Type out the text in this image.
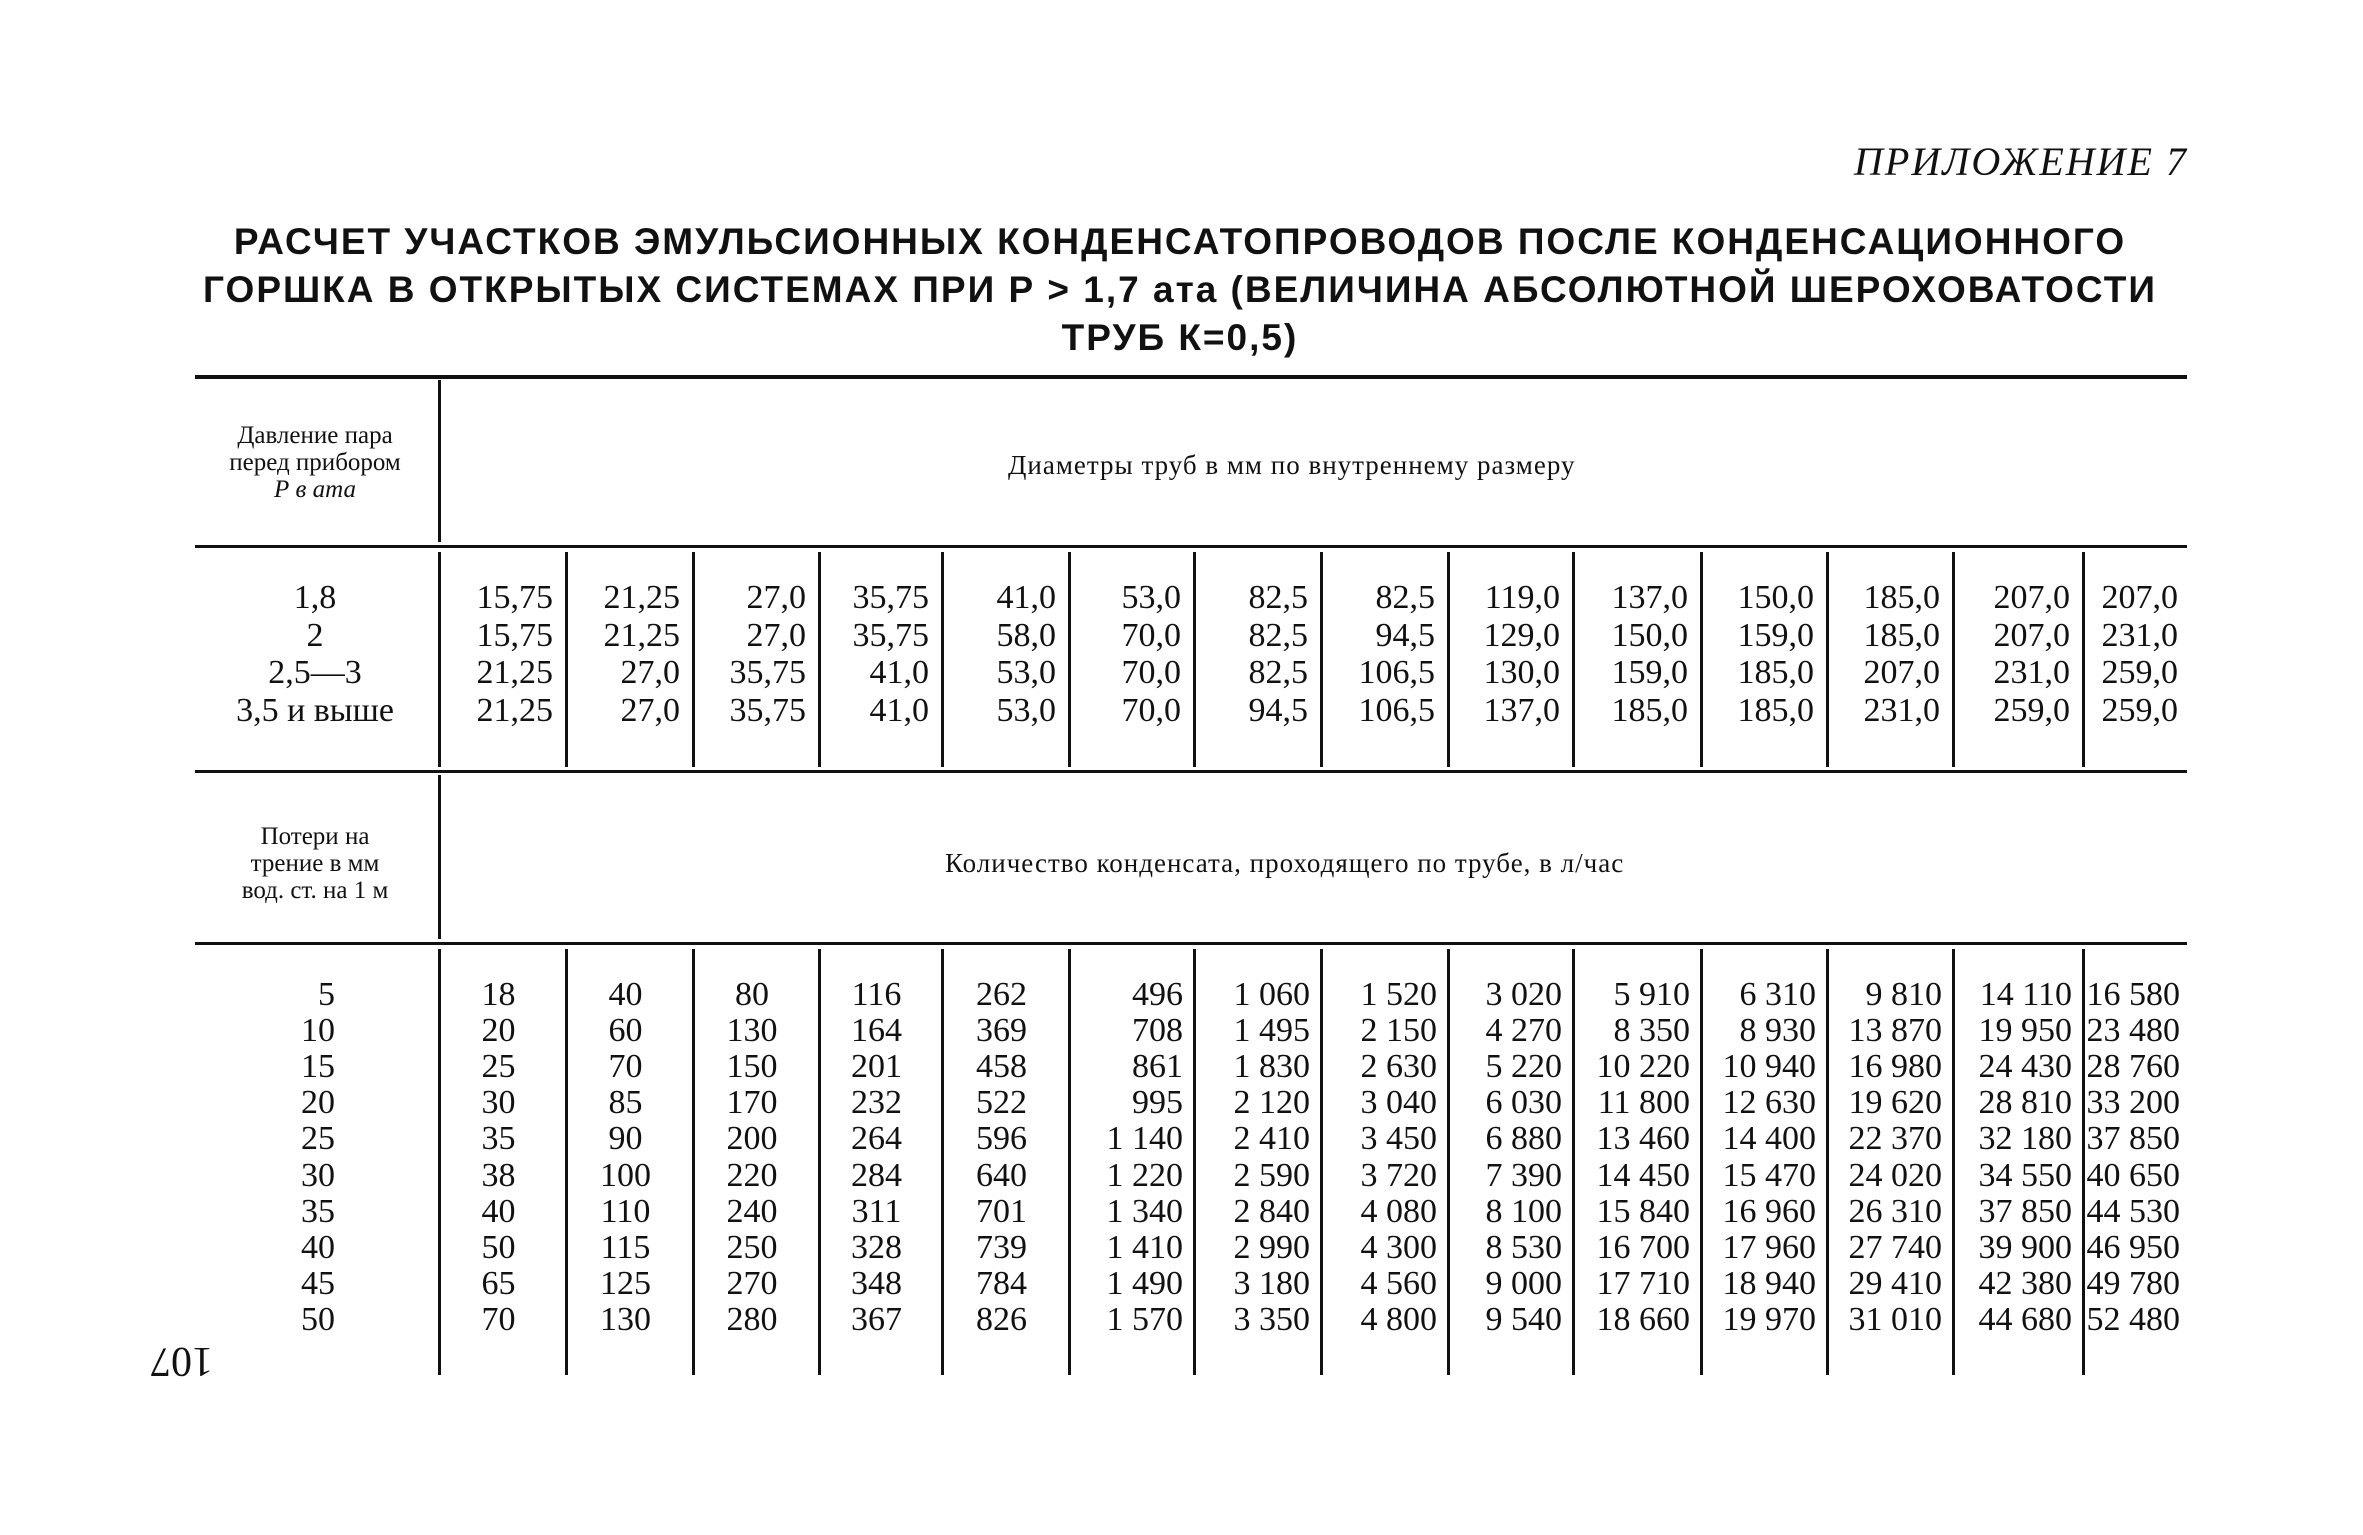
ПРИЛОЖЕНИЕ 7
РАСЧЕТ УЧАСТКОВ ЭМУЛЬСИОННЫХ КОНДЕНСАТОПРОВОДОВ ПОСЛЕ КОНДЕНСАЦИОННОГО
ГОРШКА В ОТКРЫТЫХ СИСТЕМАХ ПРИ Р > 1,7 ата (ВЕЛИЧИНА АБСОЛЮТНОЙ ШЕРОХОВАТОСТИ
ТРУБ К=0,5)
Давление пара
перед прибором
Р в ата
Диаметры труб в мм по внутреннему размеру
Потери на
трение в мм
вод. ст. на 1 м
Количество конденсата, проходящего по трубе, в л/час
1,8
2
2,5—3
3,5 и выше
15,75
15,75
21,25
21,25
21,25
21,25
27,0
27,0
27,0
27,0
35,75
35,75
35,75
35,75
41,0
41,0
41,0
58,0
53,0
53,0
53,0
70,0
70,0
70,0
82,5
82,5
82,5
94,5
82,5
94,5
106,5
106,5
119,0
129,0
130,0
137,0
137,0
150,0
159,0
185,0
150,0
159,0
185,0
185,0
185,0
185,0
207,0
231,0
207,0
207,0
231,0
259,0
207,0
231,0
259,0
259,0
5
10
15
20
25
30
35
40
45
50
18
20
25
30
35
38
40
50
65
70
40
60
70
85
90
100
110
115
125
130
80
130
150
170
200
220
240
250
270
280
116
164
201
232
264
284
311
328
348
367
262
369
458
522
596
640
701
739
784
826
496
708
861
995
1 140
1 220
1 340
1 410
1 490
1 570
1 060
1 495
1 830
2 120
2 410
2 590
2 840
2 990
3 180
3 350
1 520
2 150
2 630
3 040
3 450
3 720
4 080
4 300
4 560
4 800
3 020
4 270
5 220
6 030
6 880
7 390
8 100
8 530
9 000
9 540
5 910
8 350
10 220
11 800
13 460
14 450
15 840
16 700
17 710
18 660
6 310
8 930
10 940
12 630
14 400
15 470
16 960
17 960
18 940
19 970
9 810
13 870
16 980
19 620
22 370
24 020
26 310
27 740
29 410
31 010
14 110
19 950
24 430
28 810
32 180
34 550
37 850
39 900
42 380
44 680
16 580
23 480
28 760
33 200
37 850
40 650
44 530
46 950
49 780
52 480
107
